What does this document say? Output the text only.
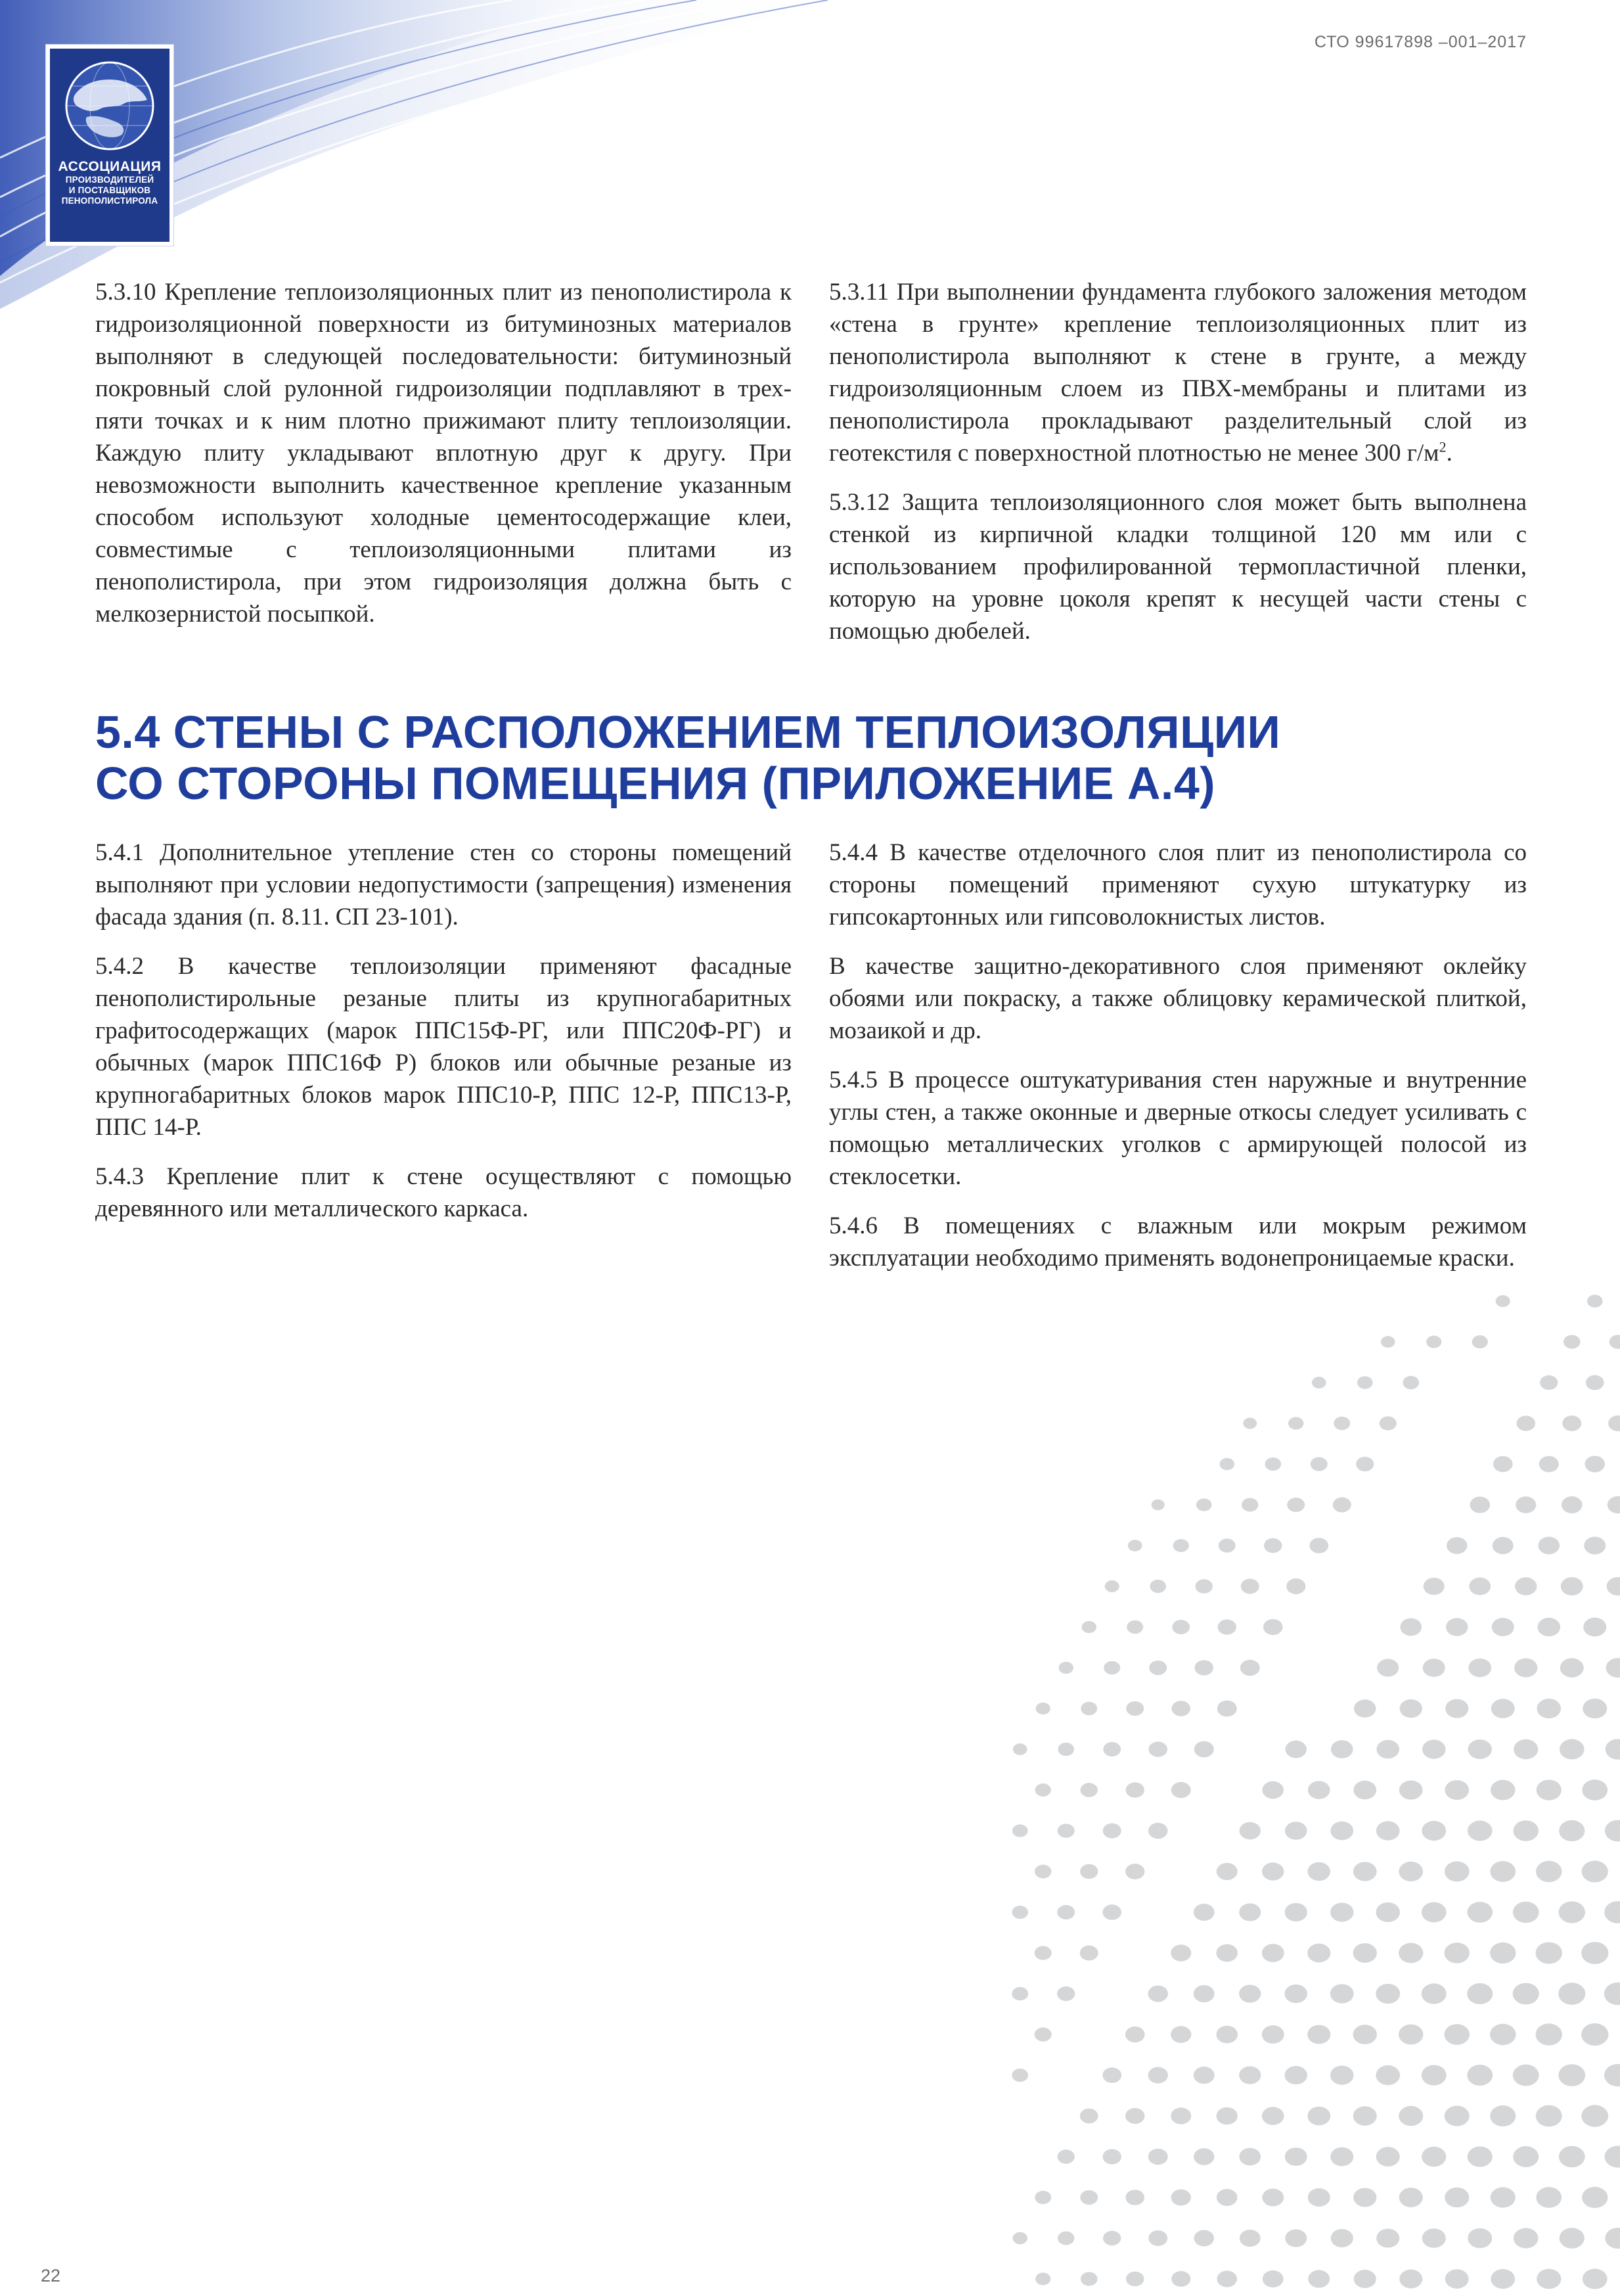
АССОЦИАЦИЯ
ПРОИЗВОДИТЕЛЕЙ
И ПОСТАВЩИКОВ
ПЕНОПОЛИСТИРОЛА
СТО 99617898 –001–2017

5.3.10 Крепление теплоизоляционных плит из пенополистирола к гидроизоляционной поверхности из битуминозных материалов выполняют в следующей последовательности: битуминозный покровный слой рулонной гидроизоляции подплавляют в трех- пяти точках и к ним плотно прижимают плиту теплоизоляции. Каждую плиту укладывают вплотную друг к другу. При невозможности выполнить качественное крепление указанным способом используют холодные цементосодержащие клеи, совместимые с теплоизоляционными плитами из пенополистирола, при этом гидроизоляция должна быть с мелкозернистой посыпкой.

5.3.11 При выполнении фундамента глубокого заложения методом «стена в грунте» крепление теплоизоляционных плит из пенополистирола выполняют к стене в грунте, а между гидроизоляционным слоем из ПВХ-мембраны и плитами из пенополистирола прокладывают разделительный слой из геотекстиля с поверхностной плотностью не менее 300 $г/м^2$.

5.3.12 Защита теплоизоляционного слоя может быть выполнена стенкой из кирпичной кладки толщиной 120 мм или с использованием профилированной термопластичной пленки, которую на уровне цоколя крепят к несущей части стены с помощью дюбелей.

5.4 СТЕНЫ С РАСПОЛОЖЕНИЕМ ТЕПЛОИЗОЛЯЦИИ
СО СТОРОНЫ ПОМЕЩЕНИЯ (ПРИЛОЖЕНИЕ А.4)

5.4.1 Дополнительное утепление стен со стороны помещений выполняют при условии недопустимости (запрещения) изменения фасада здания (п. 8.11. СП 23-101).

5.4.2 В качестве теплоизоляции применяют фасадные пенополистирольные резаные плиты из крупногабаритных графитосодержащих (марок ППС15Ф-РГ, или ППС20Ф-РГ) и обычных (марок ППС16Ф Р) блоков или обычные резаные из крупногабаритных блоков марок ППС10-Р, ППС 12-Р, ППС13-Р, ППС 14-Р.

5.4.3 Крепление плит к стене осуществляют с помощью деревянного или металлического каркаса.

5.4.4 В качестве отделочного слоя плит из пенополистирола со стороны помещений применяют сухую штукатурку из гипсокартонных или гипсоволокнистых листов.

В качестве защитно-декоративного слоя применяют оклейку обоями или покраску, а также облицовку керамической плиткой, мозаикой и др.

5.4.5 В процессе оштукатуривания стен наружные и внутренние углы стен, а также оконные и дверные откосы следует усиливать с помощью металлических уголков с армирующей полосой из стеклосетки.

5.4.6 В помещениях с влажным или мокрым режимом эксплуатации необходимо применять водонепроницаемые краски.

22
